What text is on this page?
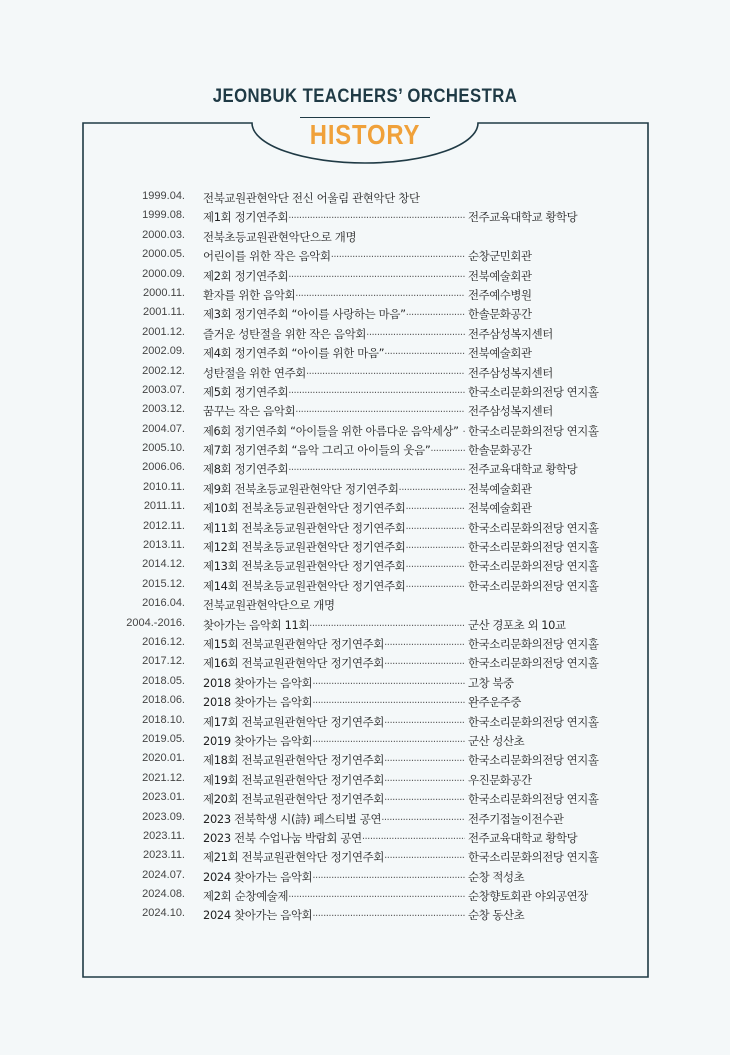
JEONBUK TEACHERS’ ORCHESTRA
HISTORY
1999.04. 전북교원관현악단 전신 어울림 관현악단 창단
1999.08. 제1회 정기연주회 .....	전주교육대학교 황학당
2000.03. 전북초등교원관현악단으로 개명
2000.05. 어린이를 위한 작은 음악회 .....	순창군민회관
2000.09. 제2회 정기연주회 .....	전북예술회관
2000.11. 환자를 위한 음악회 .....	전주예수병원
2001.11. 제3회 정기연주회 “아이를 사랑하는 마음” .....	한솔문화공간
2001.12. 즐거운 성탄절을 위한 작은 음악회 .....	전주삼성복지센터
2002.09. 제4회 정기연주회 “아이를 위한 마음” .....	전북예술회관
2002.12. 성탄절을 위한 연주회 .....	전주삼성복지센터
2003.07. 제5회 정기연주회 .....	한국소리문화의전당 연지홀
2003.12. 꿈꾸는 작은 음악회 .....	전주삼성복지센터
2004.07. 제6회 정기연주회 “아이들을 위한 아름다운 음악세상” ..... 한국소리문화의전당 연지홀
2005.10. 제7회 정기연주회 “음악 그리고 아이들의 웃음” .....	한솔문화공간
2006.06. 제8회 정기연주회 .....	전주교육대학교 황학당
2010.11. 제9회 전북초등교원관현악단 정기연주회 .....	전북예술회관
2011.11. 제10회 전북초등교원관현악단 정기연주회 .....	전북예술회관
2012.11. 제11회 전북초등교원관현악단 정기연주회 .....	한국소리문화의전당 연지홀
2013.11. 제12회 전북초등교원관현악단 정기연주회 .....	한국소리문화의전당 연지홀
2014.12. 제13회 전북초등교원관현악단 정기연주회 .....	한국소리문화의전당 연지홀
2015.12. 제14회 전북초등교원관현악단 정기연주회 .....	한국소리문화의전당 연지홀
2016.04. 전북교원관현악단으로 개명
2004.-2016. 찾아가는 음악회 11회 .....	군산 경포초 외 10교
2016.12. 제15회 전북교원관현악단 정기연주회 .....	한국소리문화의전당 연지홀
2017.12. 제16회 전북교원관현악단 정기연주회 .....	한국소리문화의전당 연지홀
2018.05. 2018 찾아가는 음악회 .....	고창 북중
2018.06. 2018 찾아가는 음악회 .....	완주운주중
2018.10. 제17회 전북교원관현악단 정기연주회 .....	한국소리문화의전당 연지홀
2019.05. 2019 찾아가는 음악회 .....	군산 성산초
2020.01. 제18회 전북교원관현악단 정기연주회 .....	한국소리문화의전당 연지홀
2021.12. 제19회 전북교원관현악단 정기연주회 .....	우진문화공간
2023.01. 제20회 전북교원관현악단 정기연주회 .....	한국소리문화의전당 연지홀
2023.09. 2023 전북학생 시(詩) 페스티벌 공연 .....	전주기접놀이전수관
2023.11. 2023 전북 수업나눔 박람회 공연 .....	전주교육대학교 황학당
2023.11. 제21회 전북교원관현악단 정기연주회 .....	한국소리문화의전당 연지홀
2024.07. 2024 찾아가는 음악회 .....	순창 적성초
2024.08. 제2회 순창예술제 .....	순창향토회관 야외공연장
2024.10. 2024 찾아가는 음악회 .....	순창 동산초
